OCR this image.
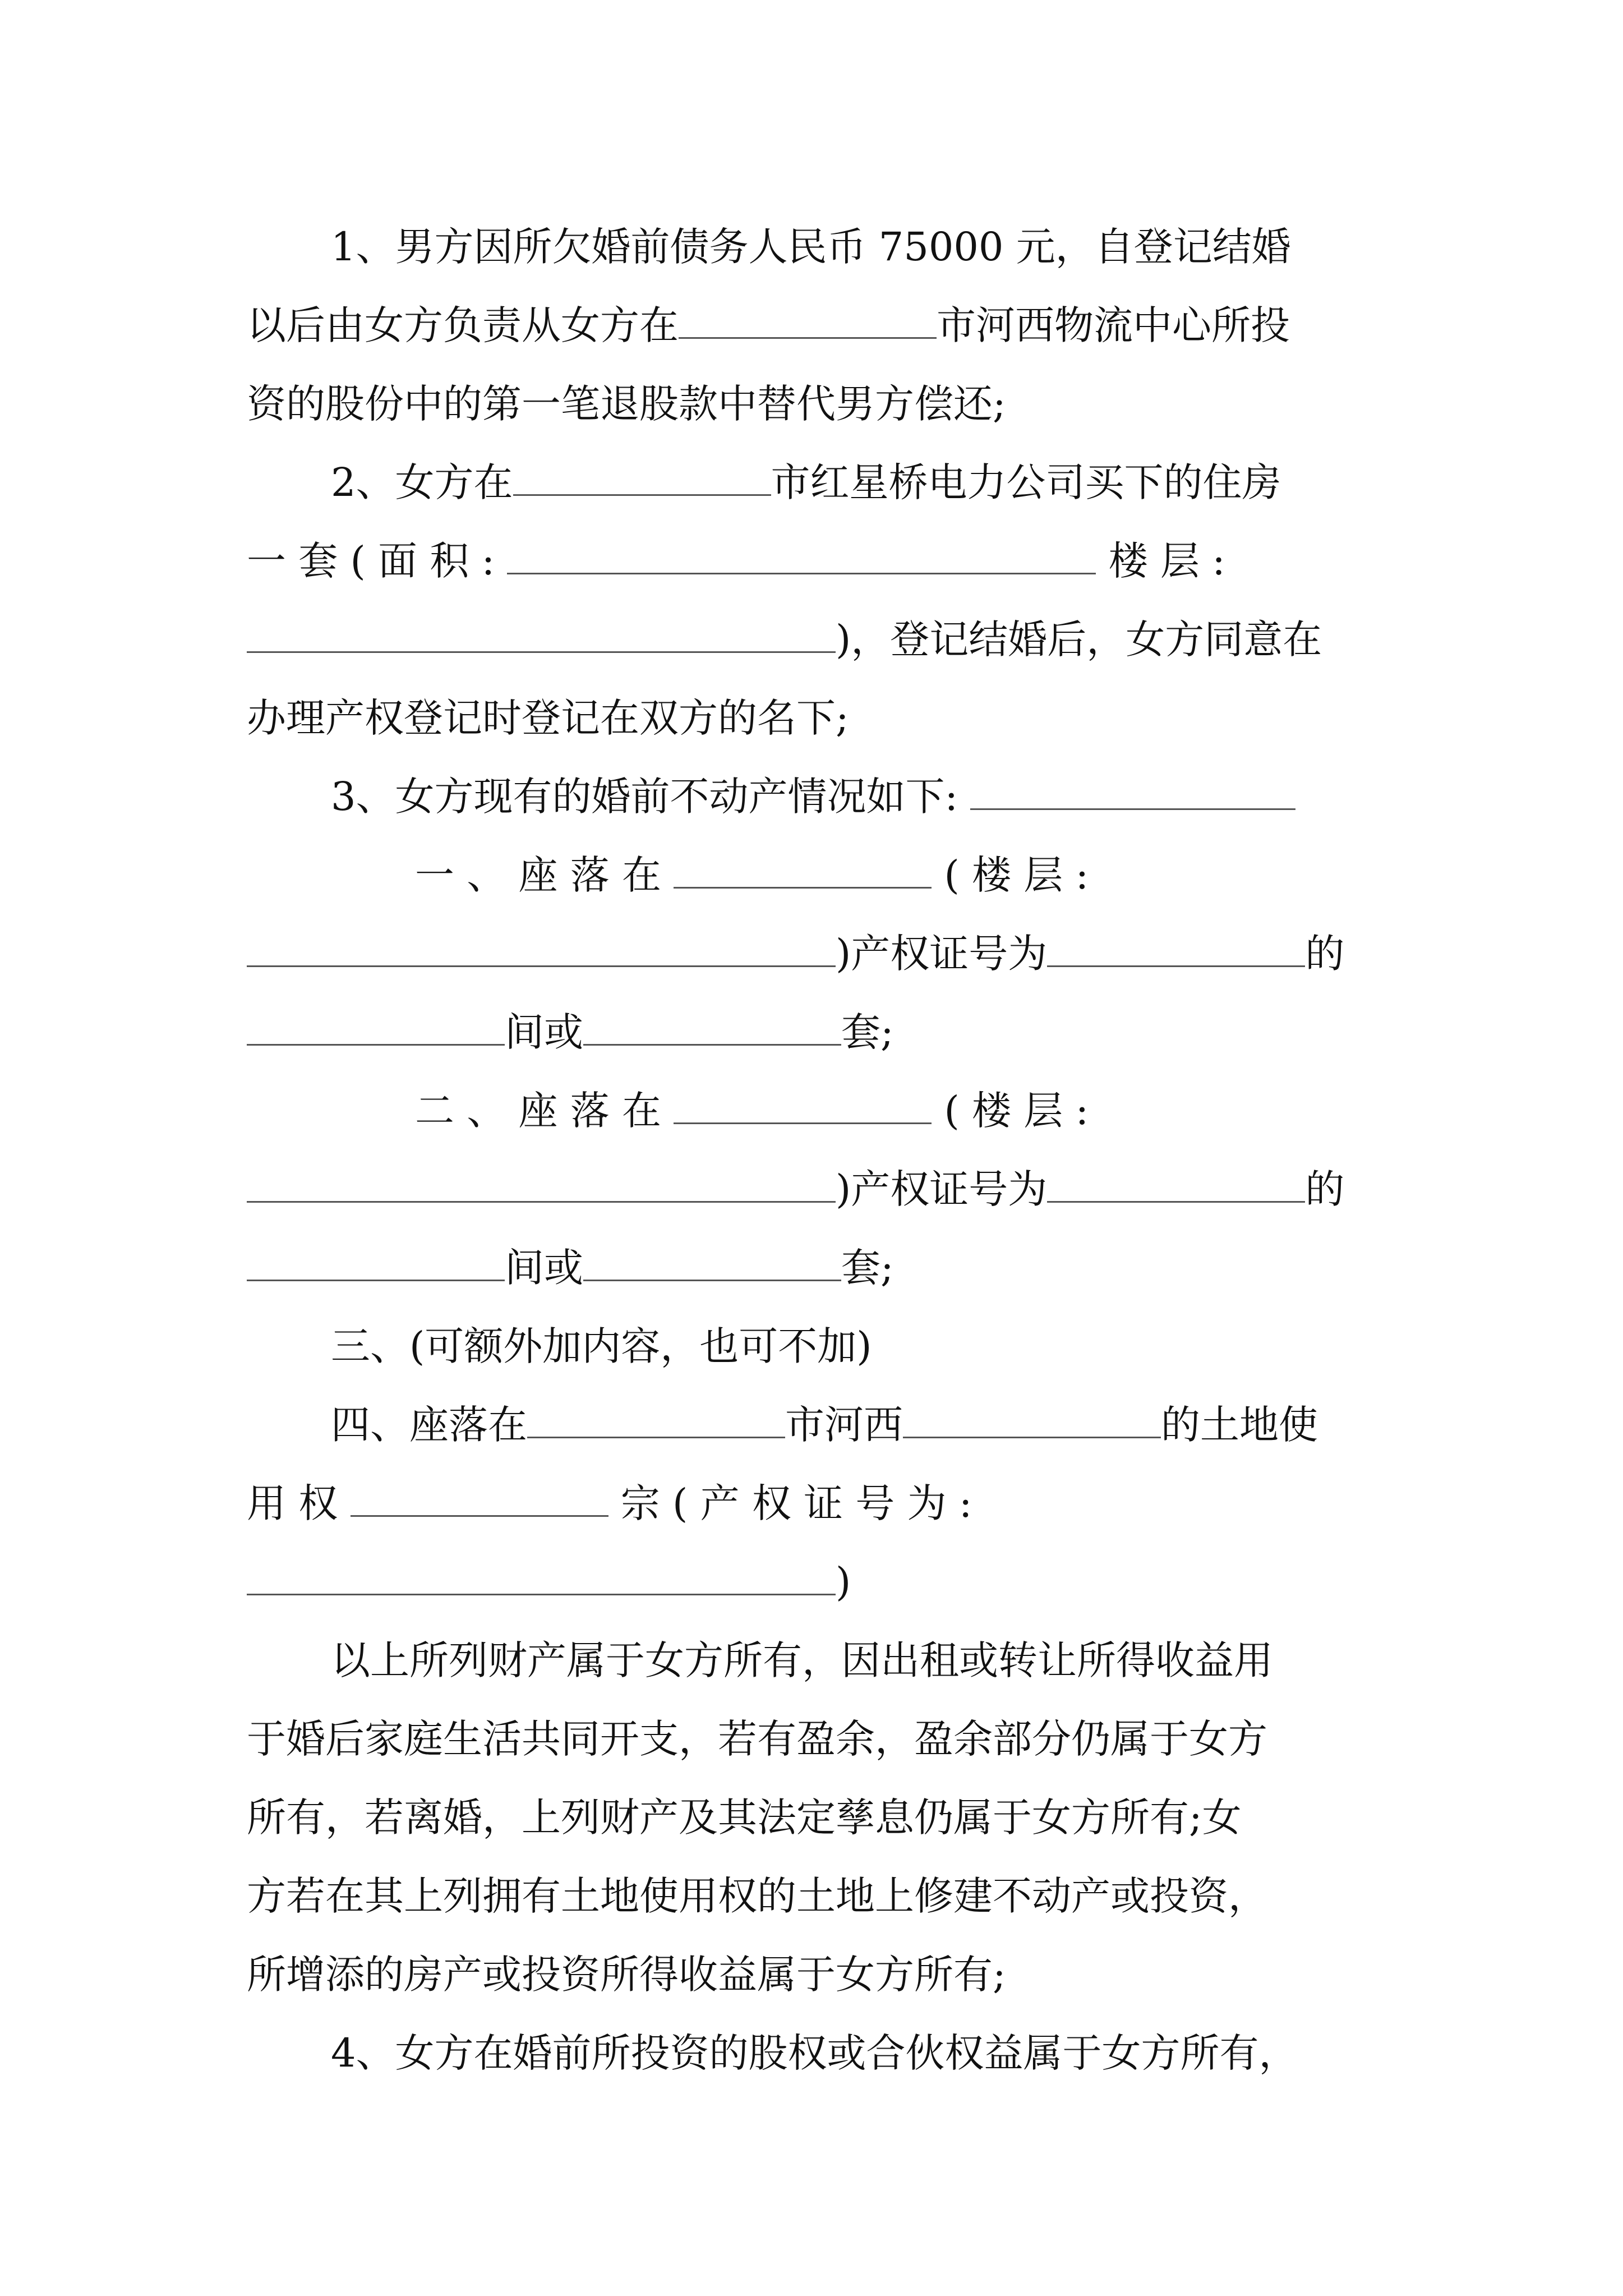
1、男方因所欠婚前债务人民币 75000 元，自登记结婚
以后由女方负责从女方在	市河西物流中心所投
资的股份中的第一笔退股款中替代男方偿还;
2、女方在	市红星桥电力公司买下的住房
一 套 ( 面 积 :	楼 层 :
)，登记结婚后，女方同意在
办理产权登记时登记在双方的名下;
3、女方现有的婚前不动产情况如下:
一 、 座 落 在	( 楼 层 :
)产权证号为	的
间或	套;
二 、 座 落 在	( 楼 层 :
)产权证号为	的
间或	套;
三、(可额外加内容，也可不加)
四、座落在	市河西	的土地使
用 权	宗 ( 产 权 证 号 为 :
)
以上所列财产属于女方所有，因出租或转让所得收益用
于婚后家庭生活共同开支，若有盈余，盈余部分仍属于女方
所有，若离婚，上列财产及其法定孳息仍属于女方所有;女
方若在其上列拥有土地使用权的土地上修建不动产或投资，
所增添的房产或投资所得收益属于女方所有;
4、女方在婚前所投资的股权或合伙权益属于女方所有，
